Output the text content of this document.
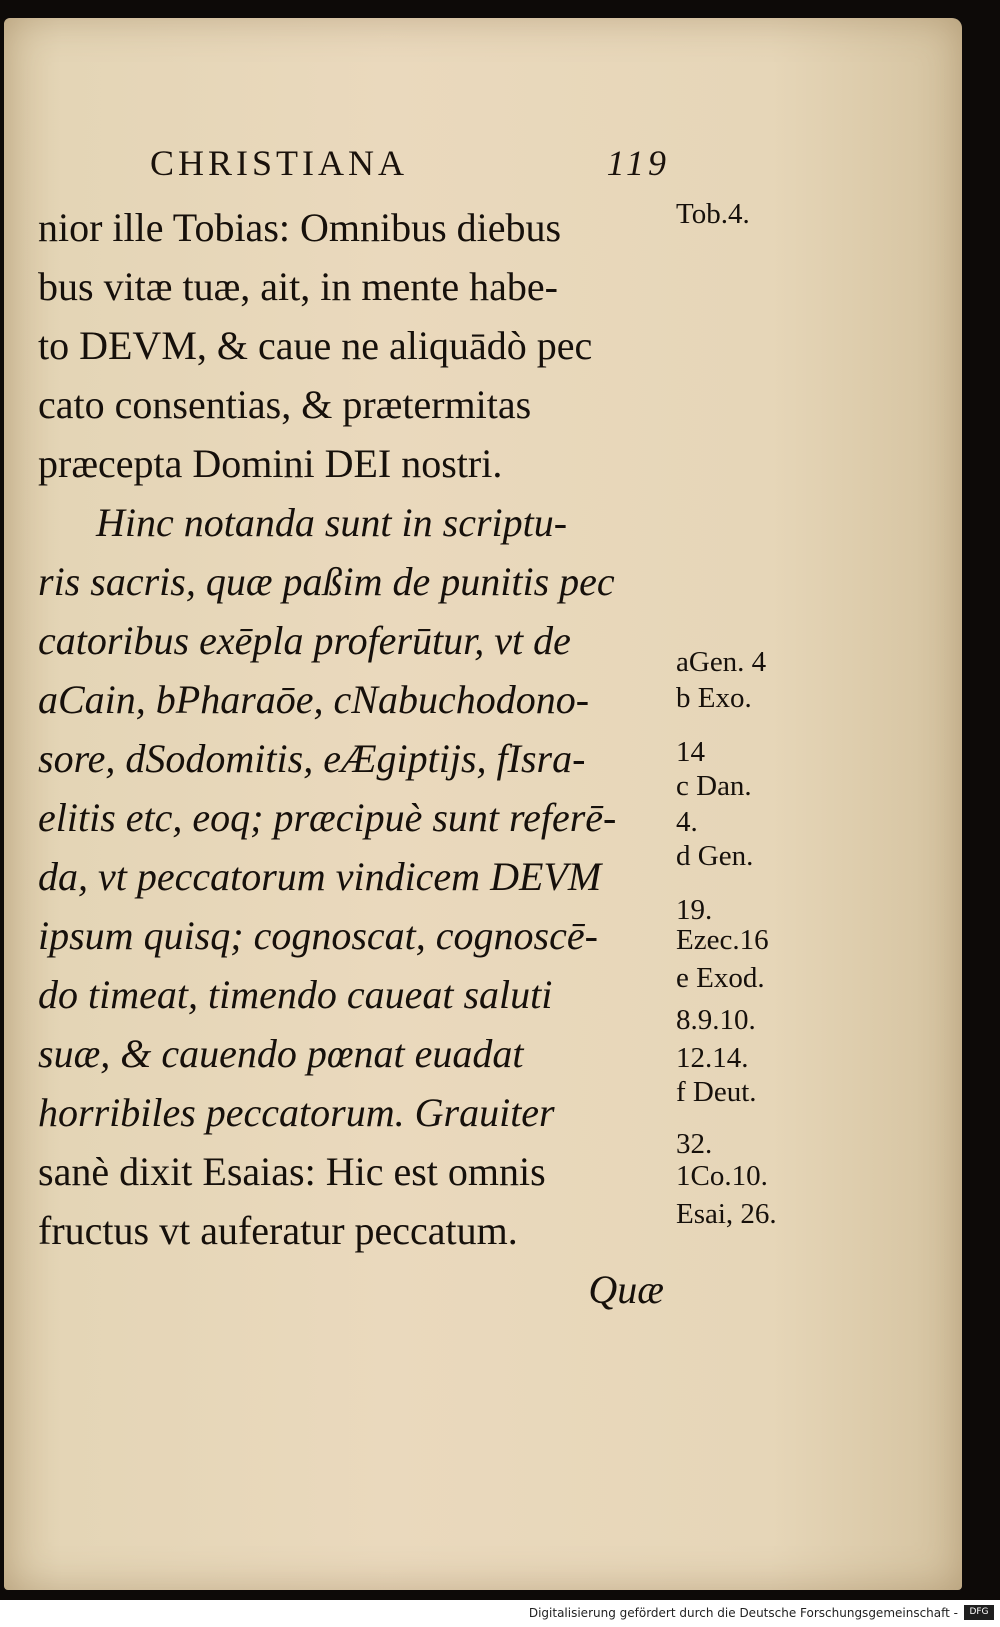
CHRISTIANA	119
nior ille Tobias: Omnibus diebus
bus vitæ tuæ, ait, in mente habe-
to DEVM, & caue ne aliquādò pec
cato consentias, & prætermitas
præcepta Domini DEI nostri.
Hinc notanda sunt in scriptu-
ris sacris, quæ paßim de punitis pec
catoribus exēpla proferūtur, vt de
aCain, bPharaōe, cNabuchodono-
sore, dSodomitis, eÆgiptijs, fIsra-
elitis etc, eoq; præcipuè sunt referē-
da, vt peccatorum vindicem DEVM
ipsum quisq; cognoscat, cognoscē-
do timeat, timendo caueat saluti
suæ, & cauendo pœnat euadat
horribiles peccatorum. Grauiter
sanè dixit Esaias: Hic est omnis
fructus vt auferatur peccatum.
Quæ
Tob.4.
aGen. 4
b Exo.
14
c Dan.
4.
d Gen.
19.
Ezec.16
e Exod.
8.9.10.
12.14.
f Deut.
32.
1Co.10.
Esai, 26.
Digitalisierung gefördert durch die Deutsche Forschungsgemeinschaft -	DFG
